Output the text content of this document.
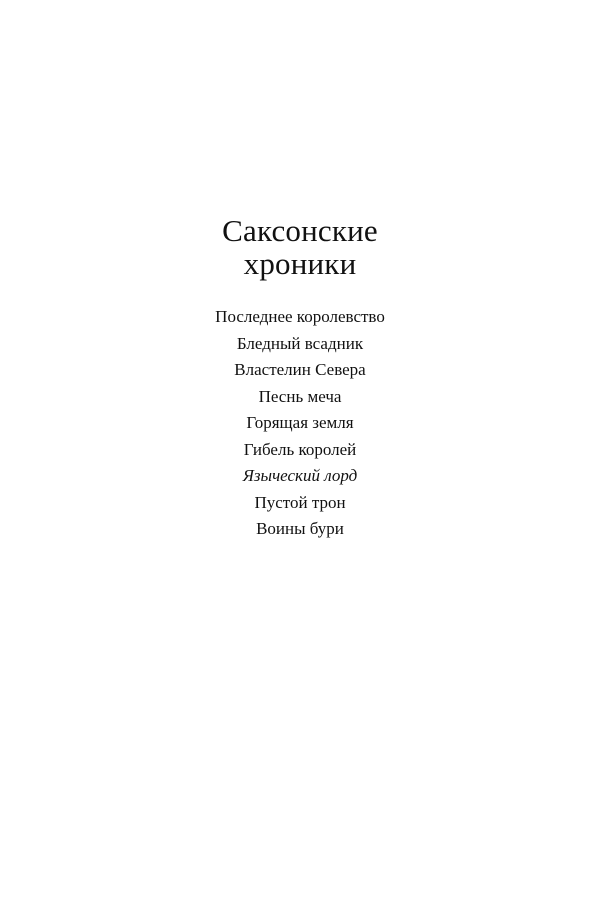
Саксонские
хроники
Последнее королевство
Бледный всадник
Властелин Севера
Песнь меча
Горящая земля
Гибель королей
Языческий лорд
Пустой трон
Воины бури
